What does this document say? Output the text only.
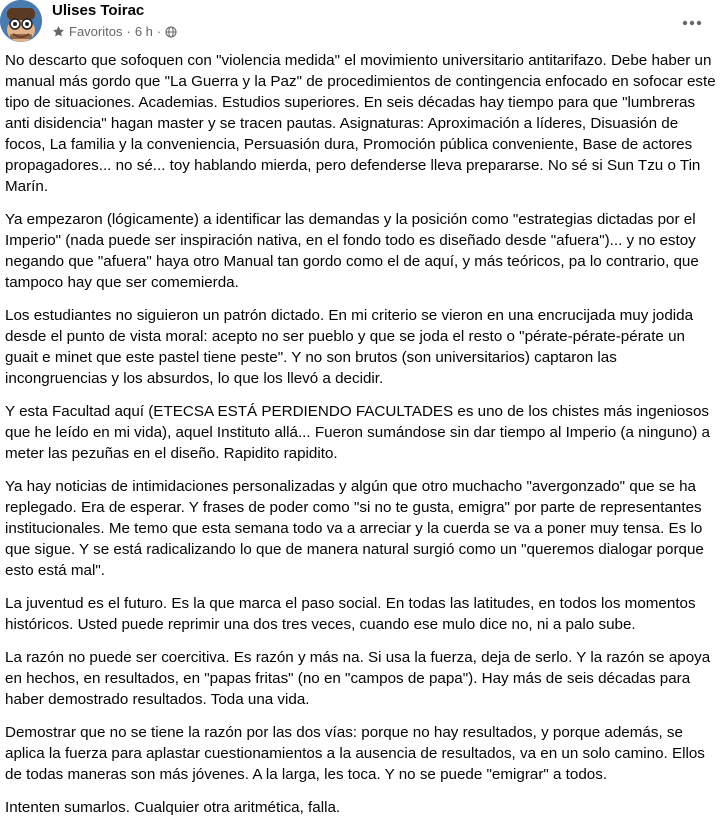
Ulises Toirac
Favoritos · 6 h ·

No descarto que sofoquen con "violencia medida" el movimiento universitario antitarifazo. Debe haber un manual más gordo que "La Guerra y la Paz" de procedimientos de contingencia enfocado en sofocar este tipo de situaciones. Academias. Estudios superiores. En seis décadas hay tiempo para que "lumbreras anti disidencia" hagan master y se tracen pautas. Asignaturas: Aproximación a líderes, Disuasión de focos, La familia y la conveniencia, Persuasión dura, Promoción pública conveniente, Base de actores propagadores... no sé... toy hablando mierda, pero defenderse lleva prepararse. No sé si Sun Tzu o Tin Marín.

Ya empezaron (lógicamente) a identificar las demandas y la posición como "estrategias dictadas por el Imperio" (nada puede ser inspiración nativa, en el fondo todo es diseñado desde "afuera")... y no estoy negando que "afuera" haya otro Manual tan gordo como el de aquí, y más teóricos, pa lo contrario, que tampoco hay que ser comemierda.

Los estudiantes no siguieron un patrón dictado. En mi criterio se vieron en una encrucijada muy jodida desde el punto de vista moral: acepto no ser pueblo y que se joda el resto o "pérate-pérate-pérate un guait e minet que este pastel tiene peste". Y no son brutos (son universitarios) captaron las incongruencias y los absurdos, lo que los llevó a decidir.

Y esta Facultad aquí (ETECSA ESTÁ PERDIENDO FACULTADES es uno de los chistes más ingeniosos que he leído en mi vida), aquel Instituto allá... Fueron sumándose sin dar tiempo al Imperio (a ninguno) a meter las pezuñas en el diseño. Rapidito rapidito.

Ya hay noticias de intimidaciones personalizadas y algún que otro muchacho "avergonzado" que se ha replegado. Era de esperar. Y frases de poder como "si no te gusta, emigra" por parte de representantes institucionales. Me temo que esta semana todo va a arreciar y la cuerda se va a poner muy tensa. Es lo que sigue. Y se está radicalizando lo que de manera natural surgió como un "queremos dialogar porque esto está mal".

La juventud es el futuro. Es la que marca el paso social. En todas las latitudes, en todos los momentos históricos. Usted puede reprimir una dos tres veces, cuando ese mulo dice no, ni a palo sube.

La razón no puede ser coercitiva. Es razón y más na. Si usa la fuerza, deja de serlo. Y la razón se apoya en hechos, en resultados, en "papas fritas" (no en "campos de papa"). Hay más de seis décadas para haber demostrado resultados. Toda una vida.

Demostrar que no se tiene la razón por las dos vías: porque no hay resultados, y porque además, se aplica la fuerza para aplastar cuestionamientos a la ausencia de resultados, va en un solo camino. Ellos de todas maneras son más jóvenes. A la larga, les toca. Y no se puede "emigrar" a todos.

Intenten sumarlos. Cualquier otra aritmética, falla.
